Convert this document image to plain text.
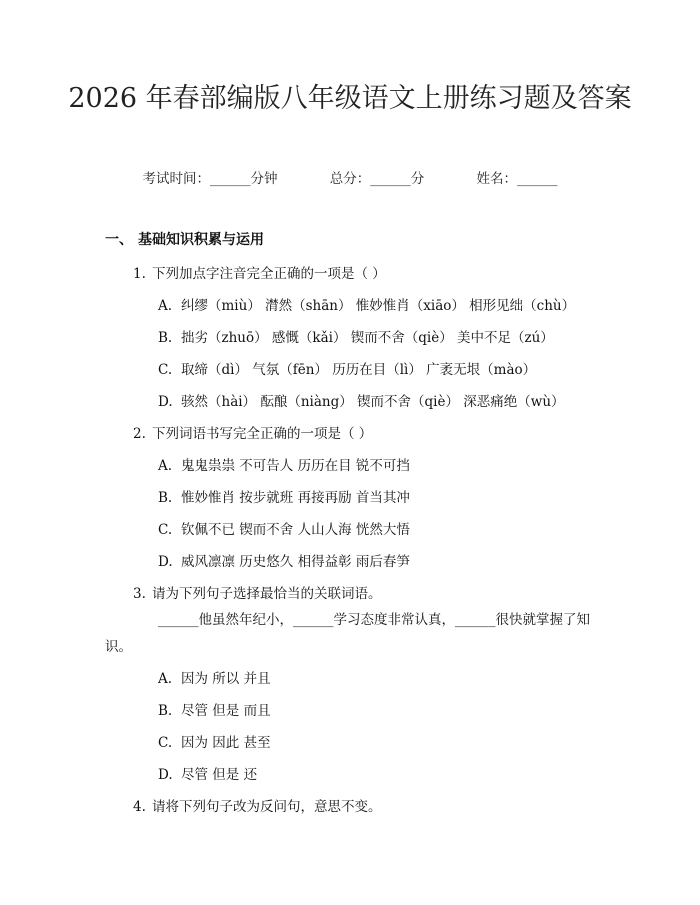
2026 年春部编版八年级语文上册练习题及答案
考试时间：______分钟	总分：______分	姓名：______
一、 基础知识积累与运用
1. 下列加点字注音完全正确的一项是（ ）
A. 纠缪（miù） 潸然（shān） 惟妙惟肖（xiāo） 相形见绌（chù）
B. 拙劣（zhuō） 感慨（kǎi） 锲而不舍（qiè） 美中不足（zú）
C. 取缔（dì） 气氛（fēn） 历历在目（lì） 广袤无垠（mào）
D. 骇然（hài） 酝酿（niàng） 锲而不舍（qiè） 深恶痛绝（wù）
2. 下列词语书写完全正确的一项是（ ）
A. 鬼鬼祟祟 不可告人 历历在目 锐不可挡
B. 惟妙惟肖 按步就班 再接再励 首当其冲
C. 钦佩不已 锲而不舍 人山人海 恍然大悟
D. 威风凛凛 历史悠久 相得益彰 雨后春笋
3. 请为下列句子选择最恰当的关联词语。
______他虽然年纪小，______学习态度非常认真，______很快就掌握了知识。
A. 因为 所以 并且
B. 尽管 但是 而且
C. 因为 因此 甚至
D. 尽管 但是 还
4. 请将下列句子改为反问句，意思不变。
